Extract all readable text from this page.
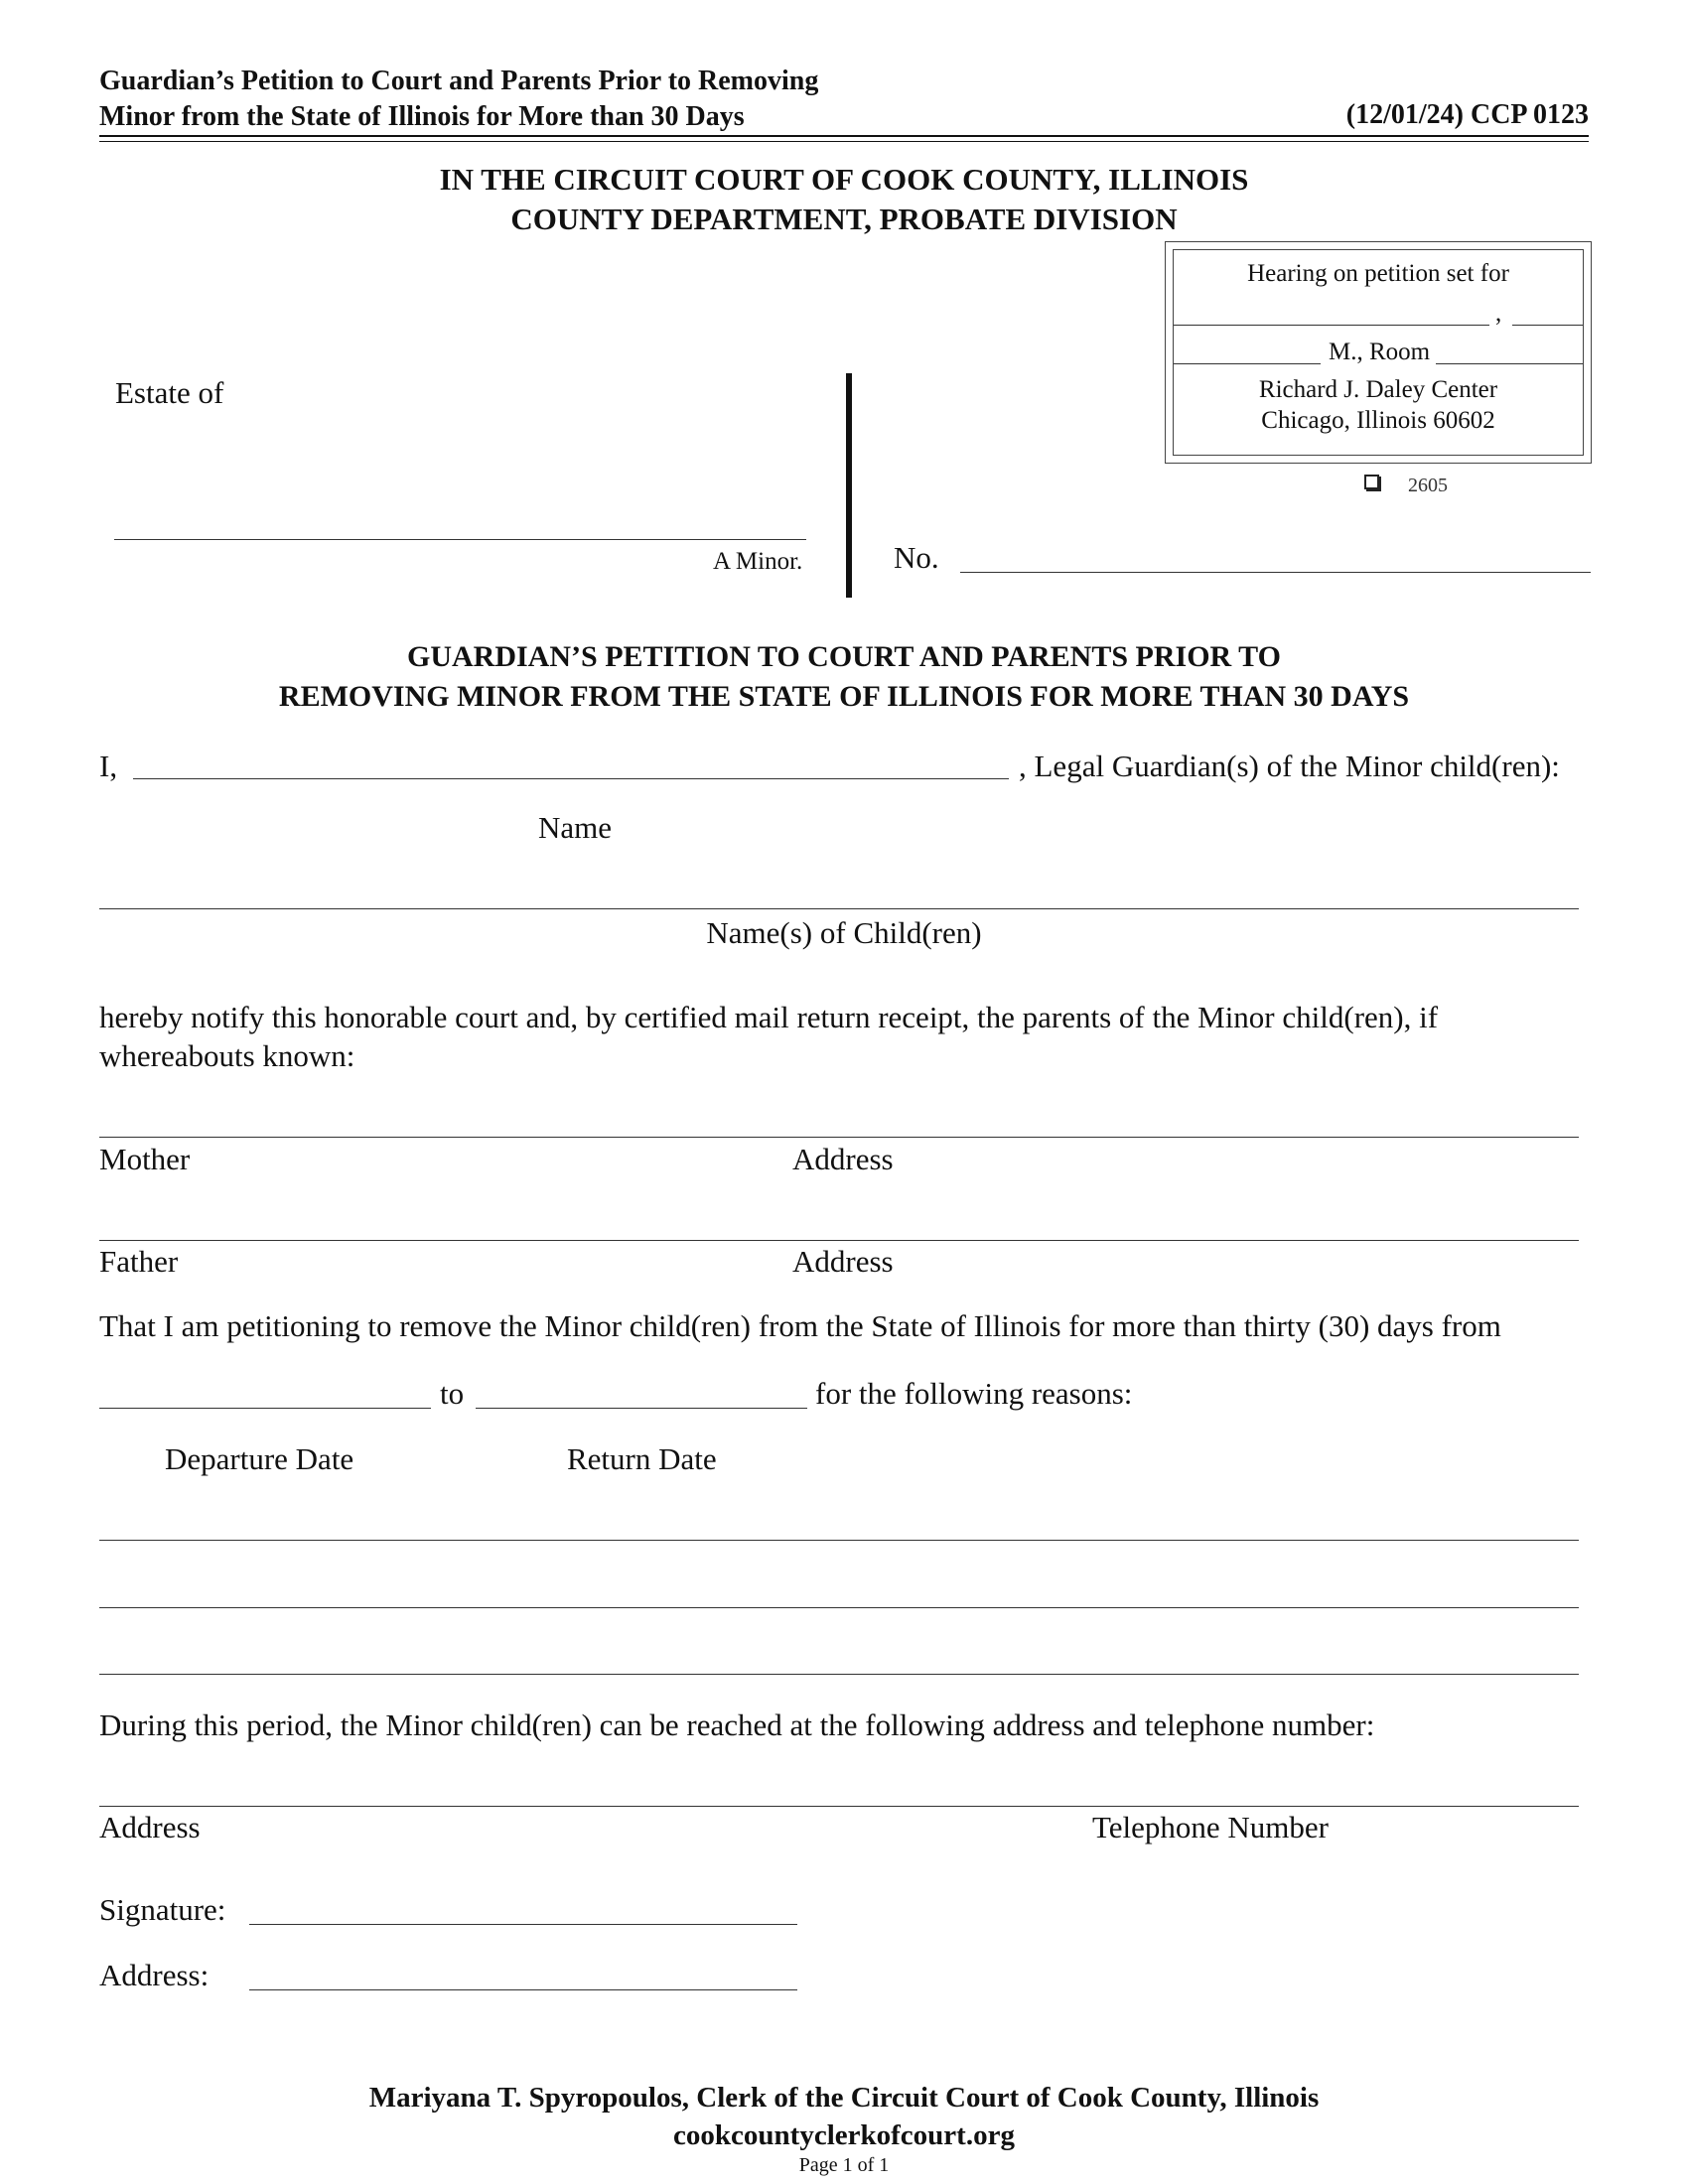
Guardian’s Petition to Court and Parents Prior to Removing
Minor from the State of Illinois for More than 30 Days	(12/01/24) CCP 0123
IN THE CIRCUIT COURT OF COOK COUNTY, ILLINOIS
COUNTY DEPARTMENT, PROBATE DIVISION
Hearing on petition set for
,
M., Room
Richard J. Daley Center
Chicago, Illinois 60602
2605
Estate of
A Minor.	No.
GUARDIAN’S PETITION TO COURT AND PARENTS PRIOR TO
REMOVING MINOR FROM THE STATE OF ILLINOIS FOR MORE THAN 30 DAYS
I,	, Legal Guardian(s) of the Minor child(ren):
Name
Name(s) of Child(ren)
hereby notify this honorable court and, by certified mail return receipt, the parents of the Minor child(ren), if
whereabouts known:
Mother	Address
Father	Address
That I am petitioning to remove the Minor child(ren) from the State of Illinois for more than thirty (30) days from
to	for the following reasons:
Departure Date	Return Date
During this period, the Minor child(ren) can be reached at the following address and telephone number:
Address	Telephone Number
Signature:
Address:
Mariyana T. Spyropoulos, Clerk of the Circuit Court of Cook County, Illinois
cookcountyclerkofcourt.org
Page 1 of 1
